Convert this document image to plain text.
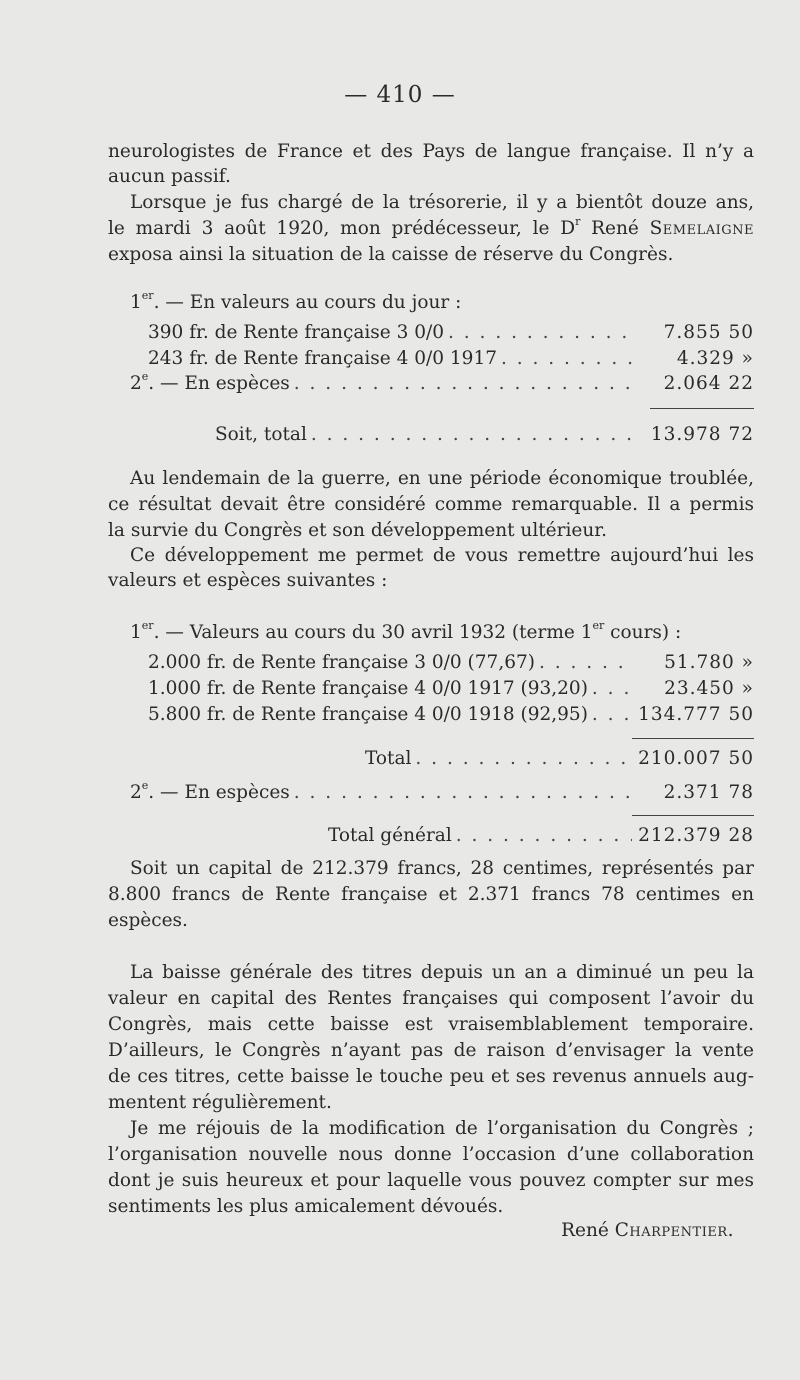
— 410 —
neurologistes de France et des Pays de langue française. Il n’y a
aucun passif.
Lorsque je fus chargé de la trésorerie, il y a bientôt douze ans,
le mardi 3 août 1920, mon prédécesseur, le $D^r$ René Semelaigne
exposa ainsi la situation de la caisse de réserve du Congrès.
1er. — En valeurs au cours du jour :
390 fr. de Rente française 3 0/0 . . .	7.855 50
243 fr. de Rente française 4 0/0 1917 . . .	4.329 »
2e. — En espèces . . .	2.064 22
Soit, total . . .	13.978 72
Au lendemain de la guerre, en une période économique troublée,
ce résultat devait être considéré comme remarquable. Il a permis
la survie du Congrès et son développement ultérieur.
Ce développement me permet de vous remettre aujourd’hui les
valeurs et espèces suivantes :
1er. — Valeurs au cours du 30 avril 1932 (terme 1er cours) :
2.000 fr. de Rente française 3 0/0 (77,67) . . .	51.780 »
1.000 fr. de Rente française 4 0/0 1917 (93,20) . . .	23.450 »
5.800 fr. de Rente française 4 0/0 1918 (92,95) . . .	134.777 50
Total . . .	210.007 50
2e. — En espèces . . .	2.371 78
Total général . . .	212.379 28
Soit un capital de 212.379 francs, 28 centimes, représentés par
8.800 francs de Rente française et 2.371 francs 78 centimes en
espèces.
La baisse générale des titres depuis un an a diminué un peu la
valeur en capital des Rentes françaises qui composent l’avoir du
Congrès, mais cette baisse est vraisemblablement temporaire.
D’ailleurs, le Congrès n’ayant pas de raison d’envisager la vente
de ces titres, cette baisse le touche peu et ses revenus annuels aug-
mentent régulièrement.
Je me réjouis de la modification de l’organisation du Congrès ;
l’organisation nouvelle nous donne l’occasion d’une collaboration
dont je suis heureux et pour laquelle vous pouvez compter sur mes
sentiments les plus amicalement dévoués.
René Charpentier.
